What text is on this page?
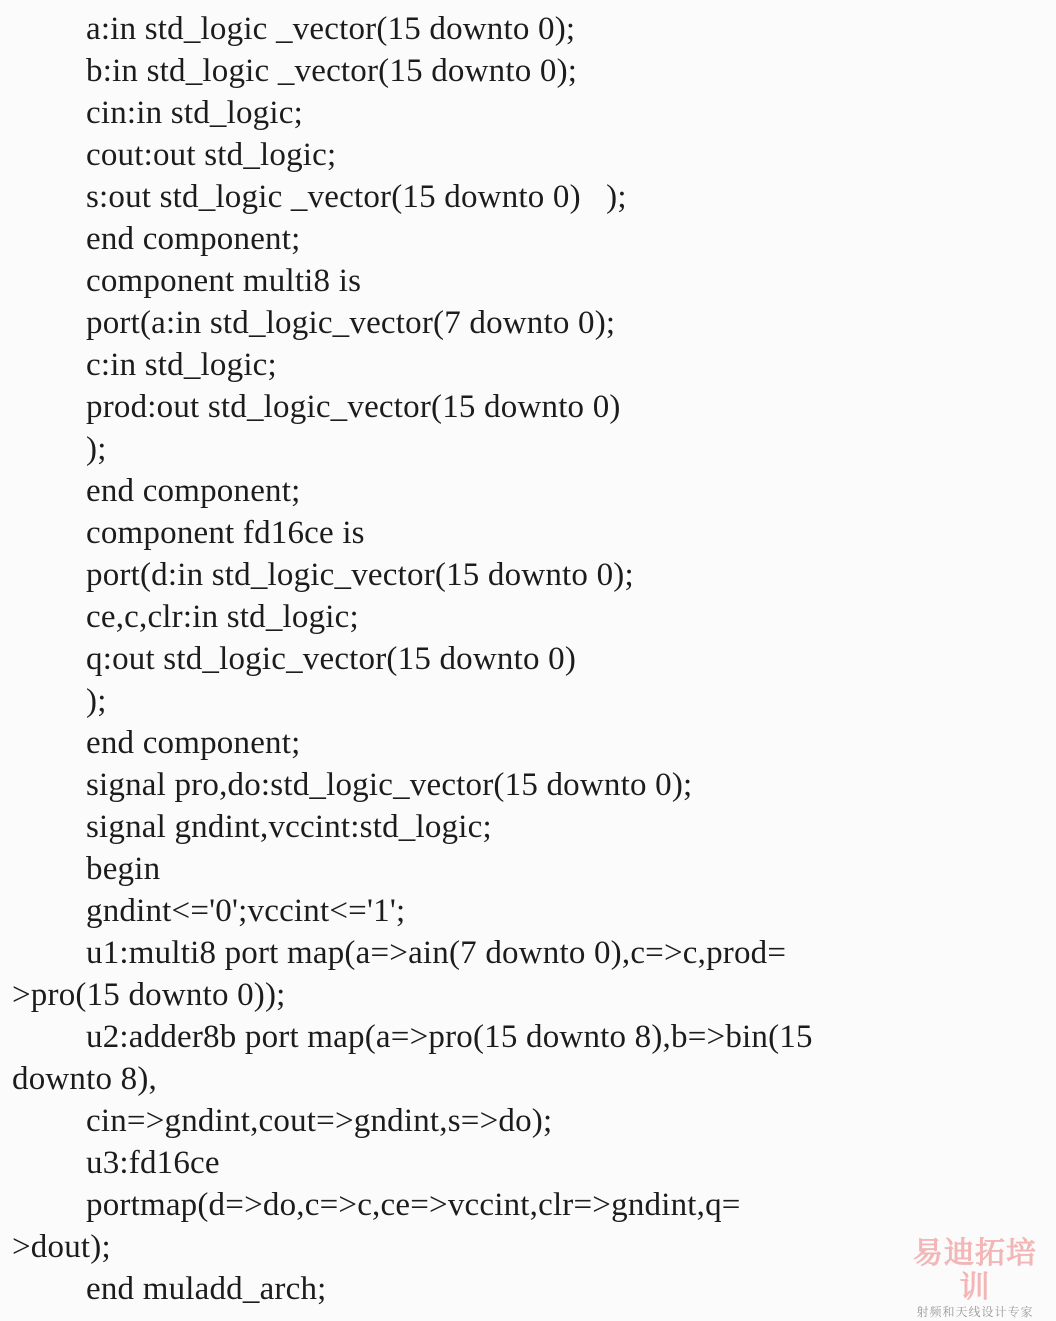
a:in std_logic _vector(15 downto 0);
b:in std_logic _vector(15 downto 0);
cin:in std_logic;
cout:out std_logic;
s:out std_logic _vector(15 downto 0)   );
end component;
component multi8 is
port(a:in std_logic_vector(7 downto 0);
c:in std_logic;
prod:out std_logic_vector(15 downto 0)
);
end component;
component fd16ce is
port(d:in std_logic_vector(15 downto 0);
ce,c,clr:in std_logic;
q:out std_logic_vector(15 downto 0)
);
end component;
signal pro,do:std_logic_vector(15 downto 0);
signal gndint,vccint:std_logic;
begin
gndint<='0';vccint<='1';
u1:multi8 port map(a=>ain(7 downto 0),c=>c,prod=
>pro(15 downto 0));
u2:adder8b port map(a=>pro(15 downto 8),b=>bin(15
downto 8),
cin=>gndint,cout=>gndint,s=>do);
u3:fd16ce
portmap(d=>do,c=>c,ce=>vccint,clr=>gndint,q=
>dout);
end muladd_arch;
易迪拓培训
射频和天线设计专家
